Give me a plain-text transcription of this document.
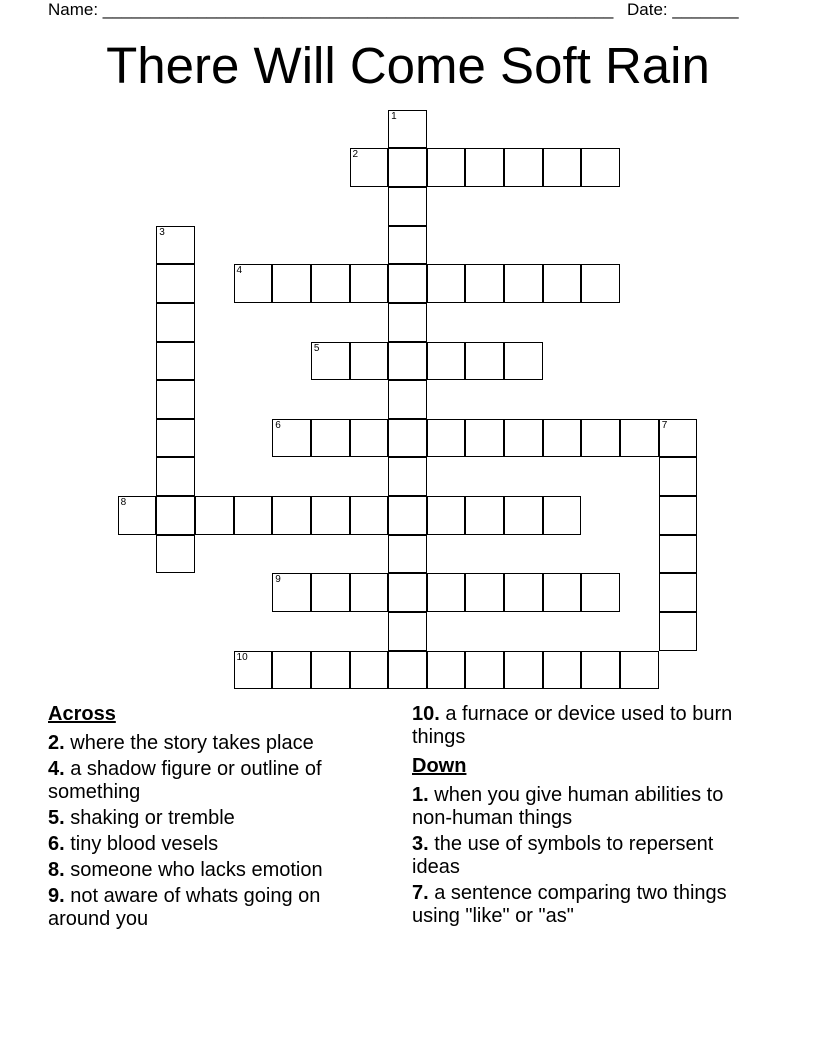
Name: ______________________________________________________ Date: _______
There Will Come Soft Rain
1
2
3
4
5
6	7
8
9
10
Across
2. where the story takes place
4. a shadow figure or outline of something
5. shaking or tremble
6. tiny blood vesels
8. someone who lacks emotion
9. not aware of whats going on around you
10. a furnace or device used to burn things
Down
1. when you give human abilities to non-human things
3. the use of symbols to repersent ideas
7. a sentence comparing two things using "like" or "as"
